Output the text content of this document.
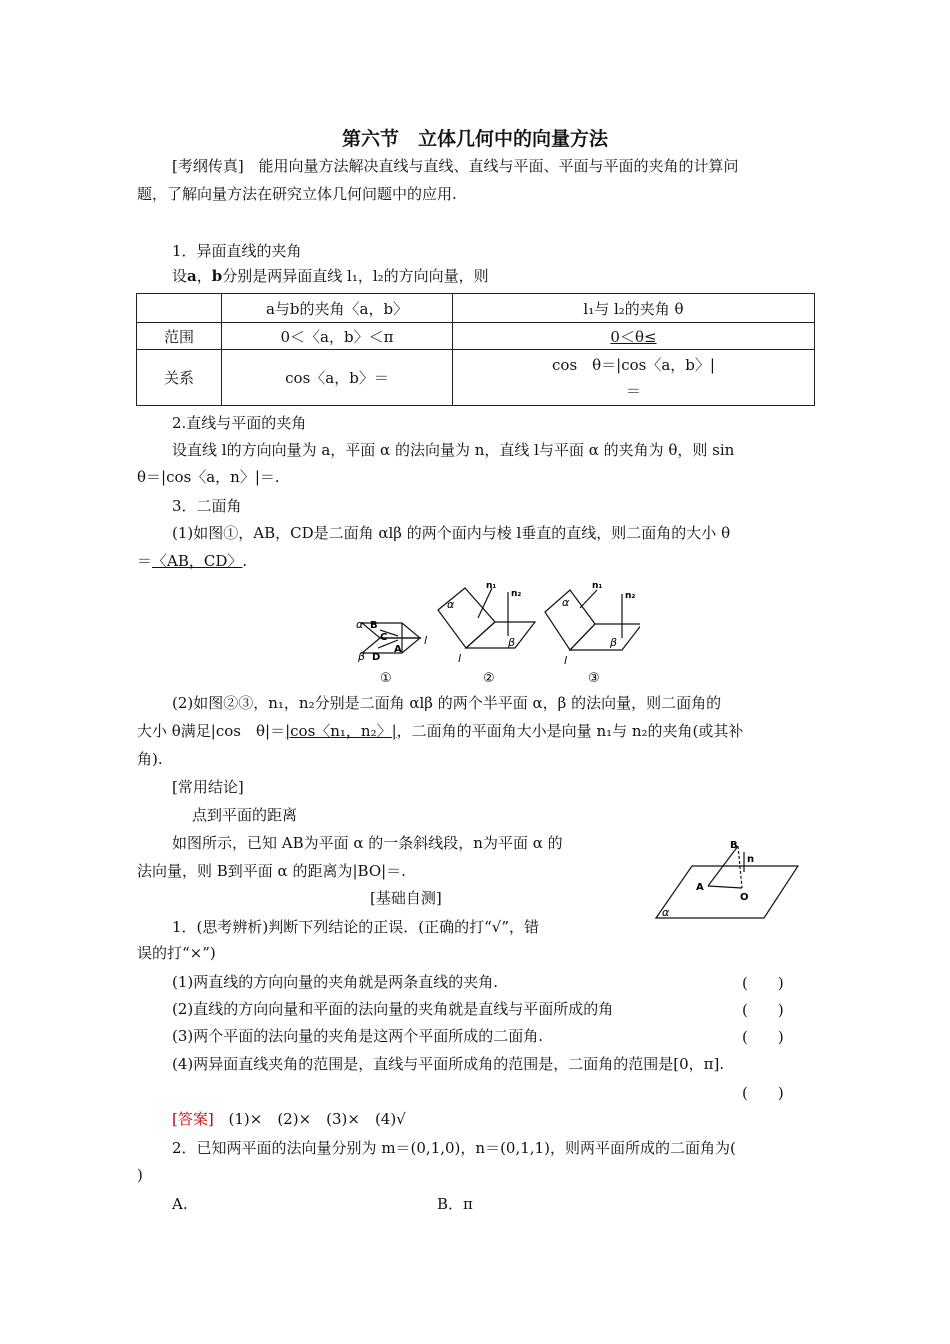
第六节　立体几何中的向量方法
[考纲传真] 能用向量方法解决直线与直线、直线与平面、平面与平面的夹角的计算问
题，了解向量方法在研究立体几何问题中的应用.
1．异面直线的夹角
设a，b分别是两异面直线 l₁，l₂的方向向量，则
	a与b的夹角〈a，b〉	l₁与 l₂的夹角 θ
范围	0＜〈a，b〉＜π	0＜θ≤
关系	cos〈a，b〉＝	cos　θ＝|cos〈a，b〉|
＝
2.直线与平面的夹角
设直线 l的方向向量为 a，平面 α 的法向量为 n，直线 l与平面 α 的夹角为 θ，则 sin
θ＝|cos〈a，n〉|＝.
3．二面角
(1)如图①，AB，CD是二面角 αlβ 的两个面内与棱 l垂直的直线，则二面角的大小 θ
＝〈AB，CD〉.
α B
C
A
β D
l
①
α
n₁
n₂
β
l
②
α
n₁
n₂
β
l
③
(2)如图②③，n₁，n₂分别是二面角 αlβ 的两个半平面 α，β 的法向量，则二面角的
大小 θ满足|cos　θ|＝|cos〈n₁，n₂〉|，二面角的平面角大小是向量 n₁与 n₂的夹角(或其补
角).
[常用结论]
点到平面的距离
如图所示，已知 AB为平面 α 的一条斜线段，n为平面 α 的
法向量，则 B到平面 α 的距离为|BO|＝.
B
n
A
O
α
[基础自测]
1．(思考辨析)判断下列结论的正误．(正确的打“√”，错
误的打“×”)
(1)两直线的方向向量的夹角就是两条直线的夹角.	(　　)
(2)直线的方向向量和平面的法向量的夹角就是直线与平面所成的角	(　　)
(3)两个平面的法向量的夹角是这两个平面所成的二面角.	(　　)
(4)两异面直线夹角的范围是，直线与平面所成角的范围是，二面角的范围是[0，π].
(　　)
[答案] (1)×　(2)×　(3)×　(4)√
2．已知两平面的法向量分别为 m＝(0,1,0)，n＝(0,1,1)，则两平面所成的二面角为(
)
A.	B．π
